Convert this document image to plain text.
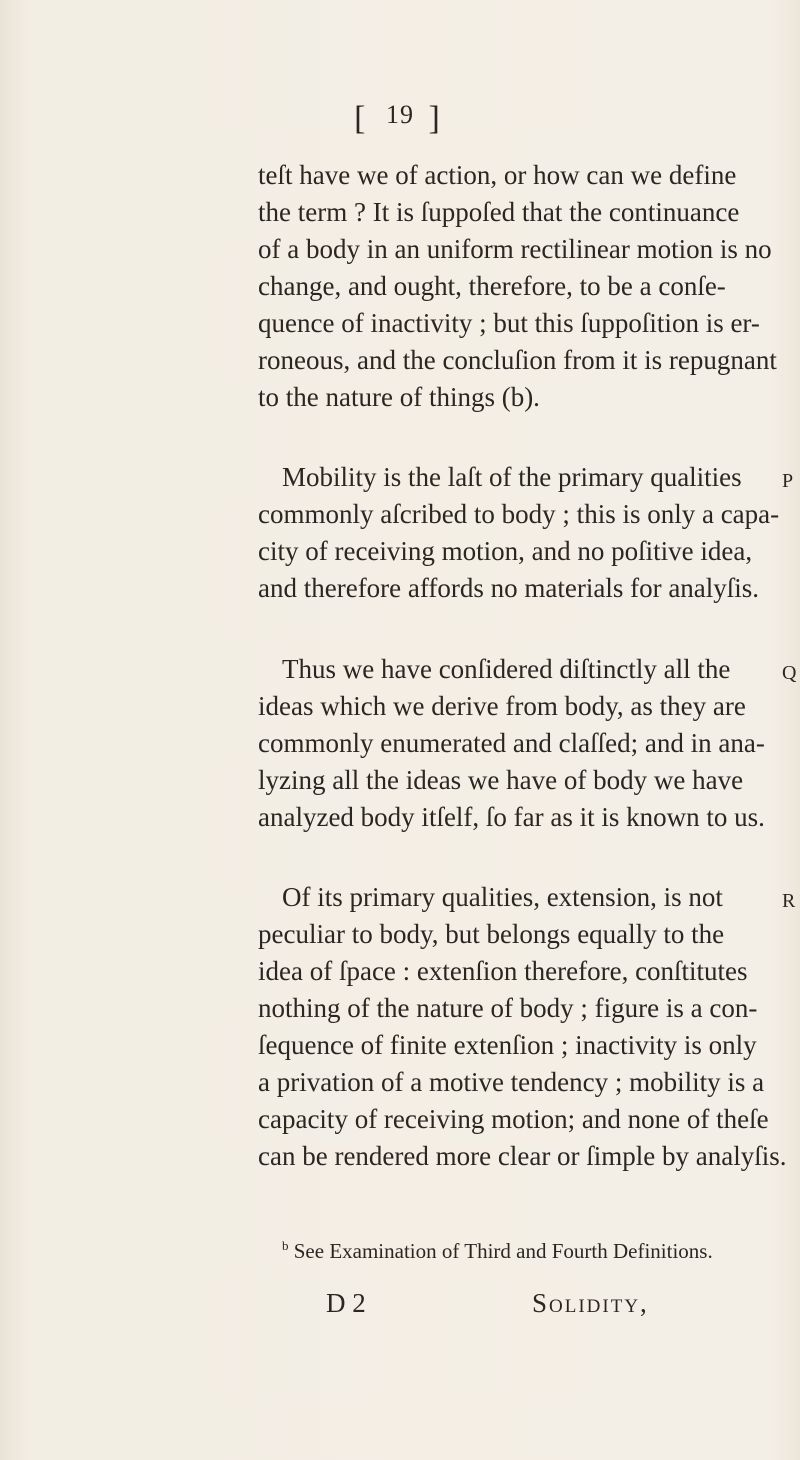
[ 19 ]
teſt have we of action, or how can we define
the term ? It is ſuppoſed that the continuance
of a body in an uniform rectilinear motion is no
change, and ought, therefore, to be a conſe-
quence of inactivity ; but this ſuppoſition is er-
roneous, and the concluſion from it is repugnant
to the nature of things (b).
Mobility is the laſt of the primary qualities
commonly aſcribed to body ; this is only a capa-
city of receiving motion, and no poſitive idea,
and therefore affords no materials for analyſis.
Thus we have conſidered diſtinctly all the
ideas which we derive from body, as they are
commonly enumerated and claſſed; and in ana-
lyzing all the ideas we have of body we have
analyzed body itſelf, ſo far as it is known to us.
Of its primary qualities, extension, is not
peculiar to body, but belongs equally to the
idea of ſpace : extenſion therefore, conſtitutes
nothing of the nature of body ; figure is a con-
ſequence of finite extenſion ; inactivity is only
a privation of a motive tendency ; mobility is a
capacity of receiving motion; and none of theſe
can be rendered more clear or ſimple by analyſis.
P
Q
R
$^b$ See Examination of Third and Fourth Definitions.
D 2	Solidity,
